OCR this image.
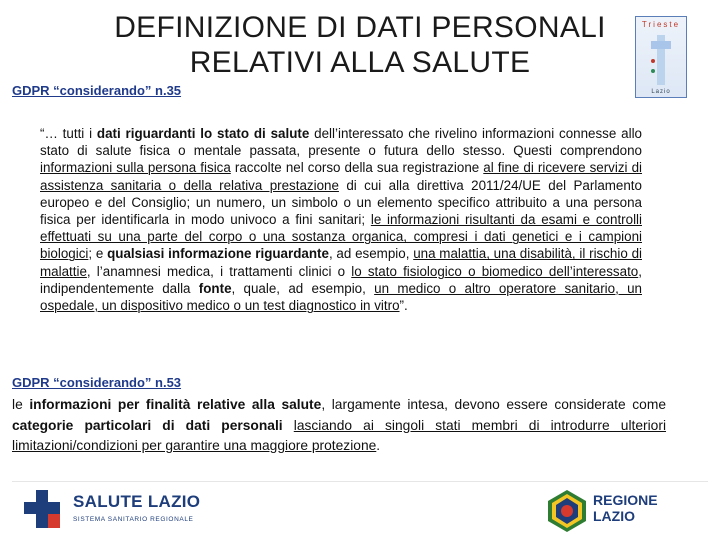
DEFINIZIONE DI DATI PERSONALI
RELATIVI ALLA SALUTE
Trieste
Lazio
GDPR “considerando” n.35
“… tutti i dati riguardanti lo stato di salute dell’interessato che rivelino informazioni connesse allo stato di salute fisica o mentale passata, presente o futura dello stesso. Questi comprendono informazioni sulla persona fisica raccolte nel corso della sua registrazione al fine di ricevere servizi di assistenza sanitaria o della relativa prestazione di cui alla direttiva 2011/24/UE del Parlamento europeo e del Consiglio; un numero, un simbolo o un elemento specifico attribuito a una persona fisica per identificarla in modo univoco a fini sanitari; le informazioni risultanti da esami e controlli effettuati su una parte del corpo o una sostanza organica, compresi i dati genetici e i campioni biologici; e qualsiasi informazione riguardante, ad esempio, una malattia, una disabilità, il rischio di malattie, l’anamnesi medica, i trattamenti clinici o lo stato fisiologico o biomedico dell’interessato, indipendentemente dalla fonte, quale, ad esempio, un medico o altro operatore sanitario, un ospedale, un dispositivo medico o un test diagnostico in vitro”.
GDPR “considerando” n.53
le informazioni per finalità relative alla salute, largamente intesa, devono essere considerate come categorie particolari di dati personali lasciando ai singoli stati membri di introdurre ulteriori limitazioni/condizioni per garantire una maggiore protezione.
SALUTE LAZIO
SISTEMA SANITARIO REGIONALE
REGIONE
LAZIO
